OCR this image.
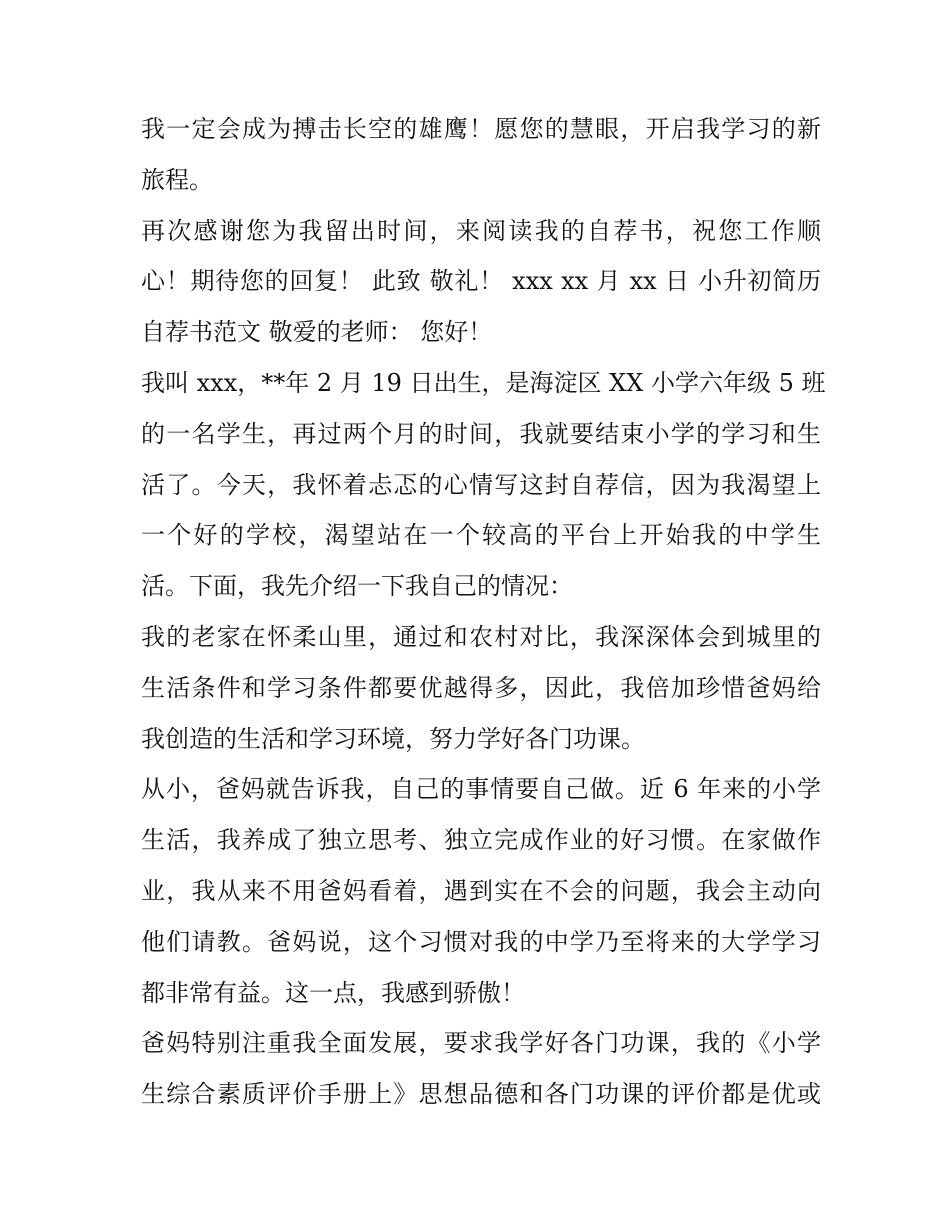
我一定会成为搏击长空的雄鹰！愿您的慧眼，开启我学习的新
旅程。
再次感谢您为我留出时间，来阅读我的自荐书，祝您工作顺
心！期待您的回复！ 此致 敬礼！ xxx xx 月 xx 日 小升初简历
自荐书范文 敬爱的老师： 您好！
我叫 xxx，**年 2 月 19 日出生，是海淀区 XX 小学六年级 5 班
的一名学生，再过两个月的时间，我就要结束小学的学习和生
活了。今天，我怀着忐忑的心情写这封自荐信，因为我渴望上
一个好的学校，渴望站在一个较高的平台上开始我的中学生
活。下面，我先介绍一下我自己的情况：
我的老家在怀柔山里，通过和农村对比，我深深体会到城里的
生活条件和学习条件都要优越得多，因此，我倍加珍惜爸妈给
我创造的生活和学习环境，努力学好各门功课。
从小，爸妈就告诉我，自己的事情要自己做。近 6 年来的小学
生活，我养成了独立思考、独立完成作业的好习惯。在家做作
业，我从来不用爸妈看着，遇到实在不会的问题，我会主动向
他们请教。爸妈说，这个习惯对我的中学乃至将来的大学学习
都非常有益。这一点，我感到骄傲！
爸妈特别注重我全面发展，要求我学好各门功课，我的《小学
生综合素质评价手册上》思想品德和各门功课的评价都是优或
